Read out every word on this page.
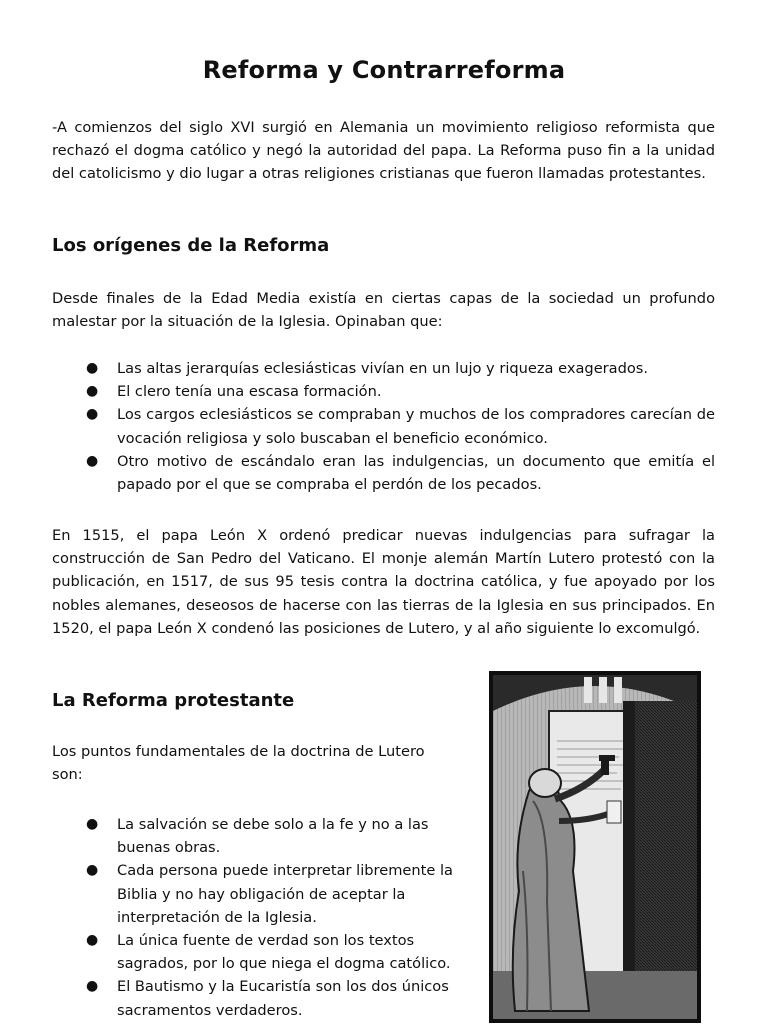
Reforma y Contrarreforma

-A comienzos del siglo XVI surgió en Alemania un movimiento religioso reformista que rechazó el dogma católico y negó la autoridad del papa. La Reforma puso fin a la unidad del catolicismo y dio lugar a otras religiones cristianas que fueron llamadas protestantes.

Los orígenes de la Reforma

Desde finales de la Edad Media existía en ciertas capas de la sociedad un profundo malestar por la situación de la Iglesia. Opinaban que:

● Las altas jerarquías eclesiásticas vivían en un lujo y riqueza exagerados.
● El clero tenía una escasa formación.
● Los cargos eclesiásticos se compraban y muchos de los compradores carecían de vocación religiosa y solo buscaban el beneficio económico.
● Otro motivo de escándalo eran las indulgencias, un documento que emitía el papado por el que se compraba el perdón de los pecados.

En 1515, el papa León X ordenó predicar nuevas indulgencias para sufragar la construcción de San Pedro del Vaticano. El monje alemán Martín Lutero protestó con la publicación, en 1517, de sus 95 tesis contra la doctrina católica, y fue apoyado por los nobles alemanes, deseosos de hacerse con las tierras de la Iglesia en sus principados. En 1520, el papa León X condenó las posiciones de Lutero, y al año siguiente lo excomulgó.

La Reforma protestante

Los puntos fundamentales de la doctrina de Lutero son:

● La salvación se debe solo a la fe y no a las buenas obras.
● Cada persona puede interpretar libremente la Biblia y no hay obligación de aceptar la interpretación de la Iglesia.
● La única fuente de verdad son los textos sagrados, por lo que niega el dogma católico.
● El Bautismo y la Eucaristía son los dos únicos sacramentos verdaderos.
